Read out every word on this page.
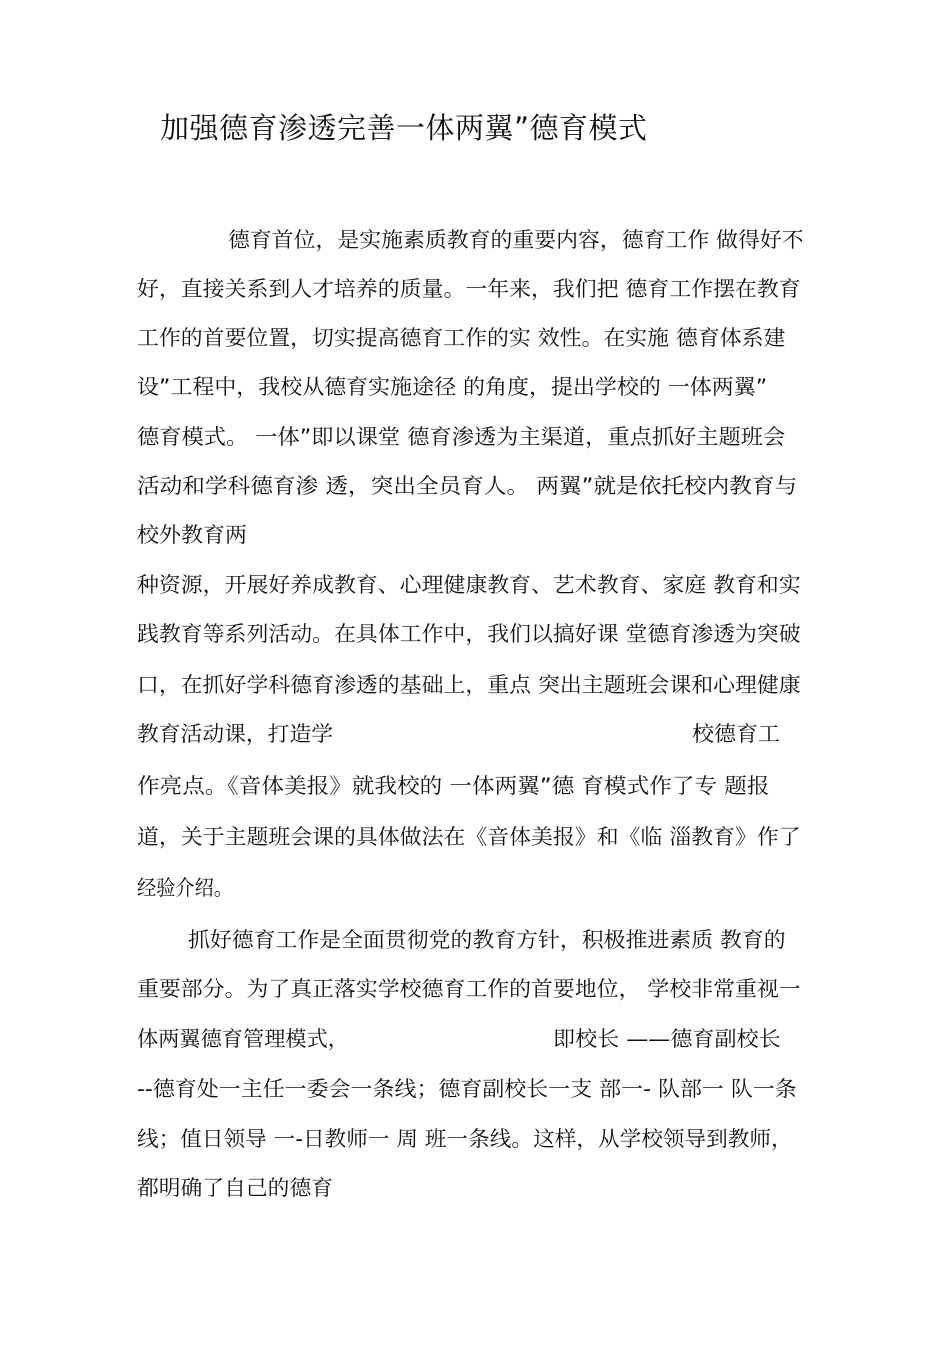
加强德育渗透完善一体两翼”德育模式
德育首位，是实施素质教育的重要内容，德育工作 做得好不
好，直接关系到人才培养的质量。一年来，我们把 德育工作摆在教育
工作的首要位置，切实提高德育工作的实 效性。在实施 德育体系建
设”工程中，我校从德育实施途径 的角度，提出学校的 一体两翼”
德育模式。 一体”即以课堂 德育渗透为主渠道，重点抓好主题班会
活动和学科德育渗 透，突出全员育人。 两翼”就是依托校内教育与
校外教育两
种资源，开展好养成教育、心理健康教育、艺术教育、家庭 教育和实
践教育等系列活动。在具体工作中，我们以搞好课 堂德育渗透为突破
口，在抓好学科德育渗透的基础上，重点 突出主题班会课和心理健康
教育活动课，打造学	校德育工
作亮点。《音体美报》就我校的 一体两翼”德 育模式作了专 题报
道，关于主题班会课的具体做法在《音体美报》和《临 淄教育》作了
经验介绍。
抓好德育工作是全面贯彻党的教育方针，积极推进素质 教育的
重要部分。为了真正落实学校德育工作的首要地位， 学校非常重视一
体两翼德育管理模式，	即校长 ——德育副校长
--德育处一主任一委会一条线；德育副校长一支 部一- 队部一 队一条
线；值日领导 一-日教师一 周 班一条线。这样，从学校领导到教师，
都明确了自己的德育
